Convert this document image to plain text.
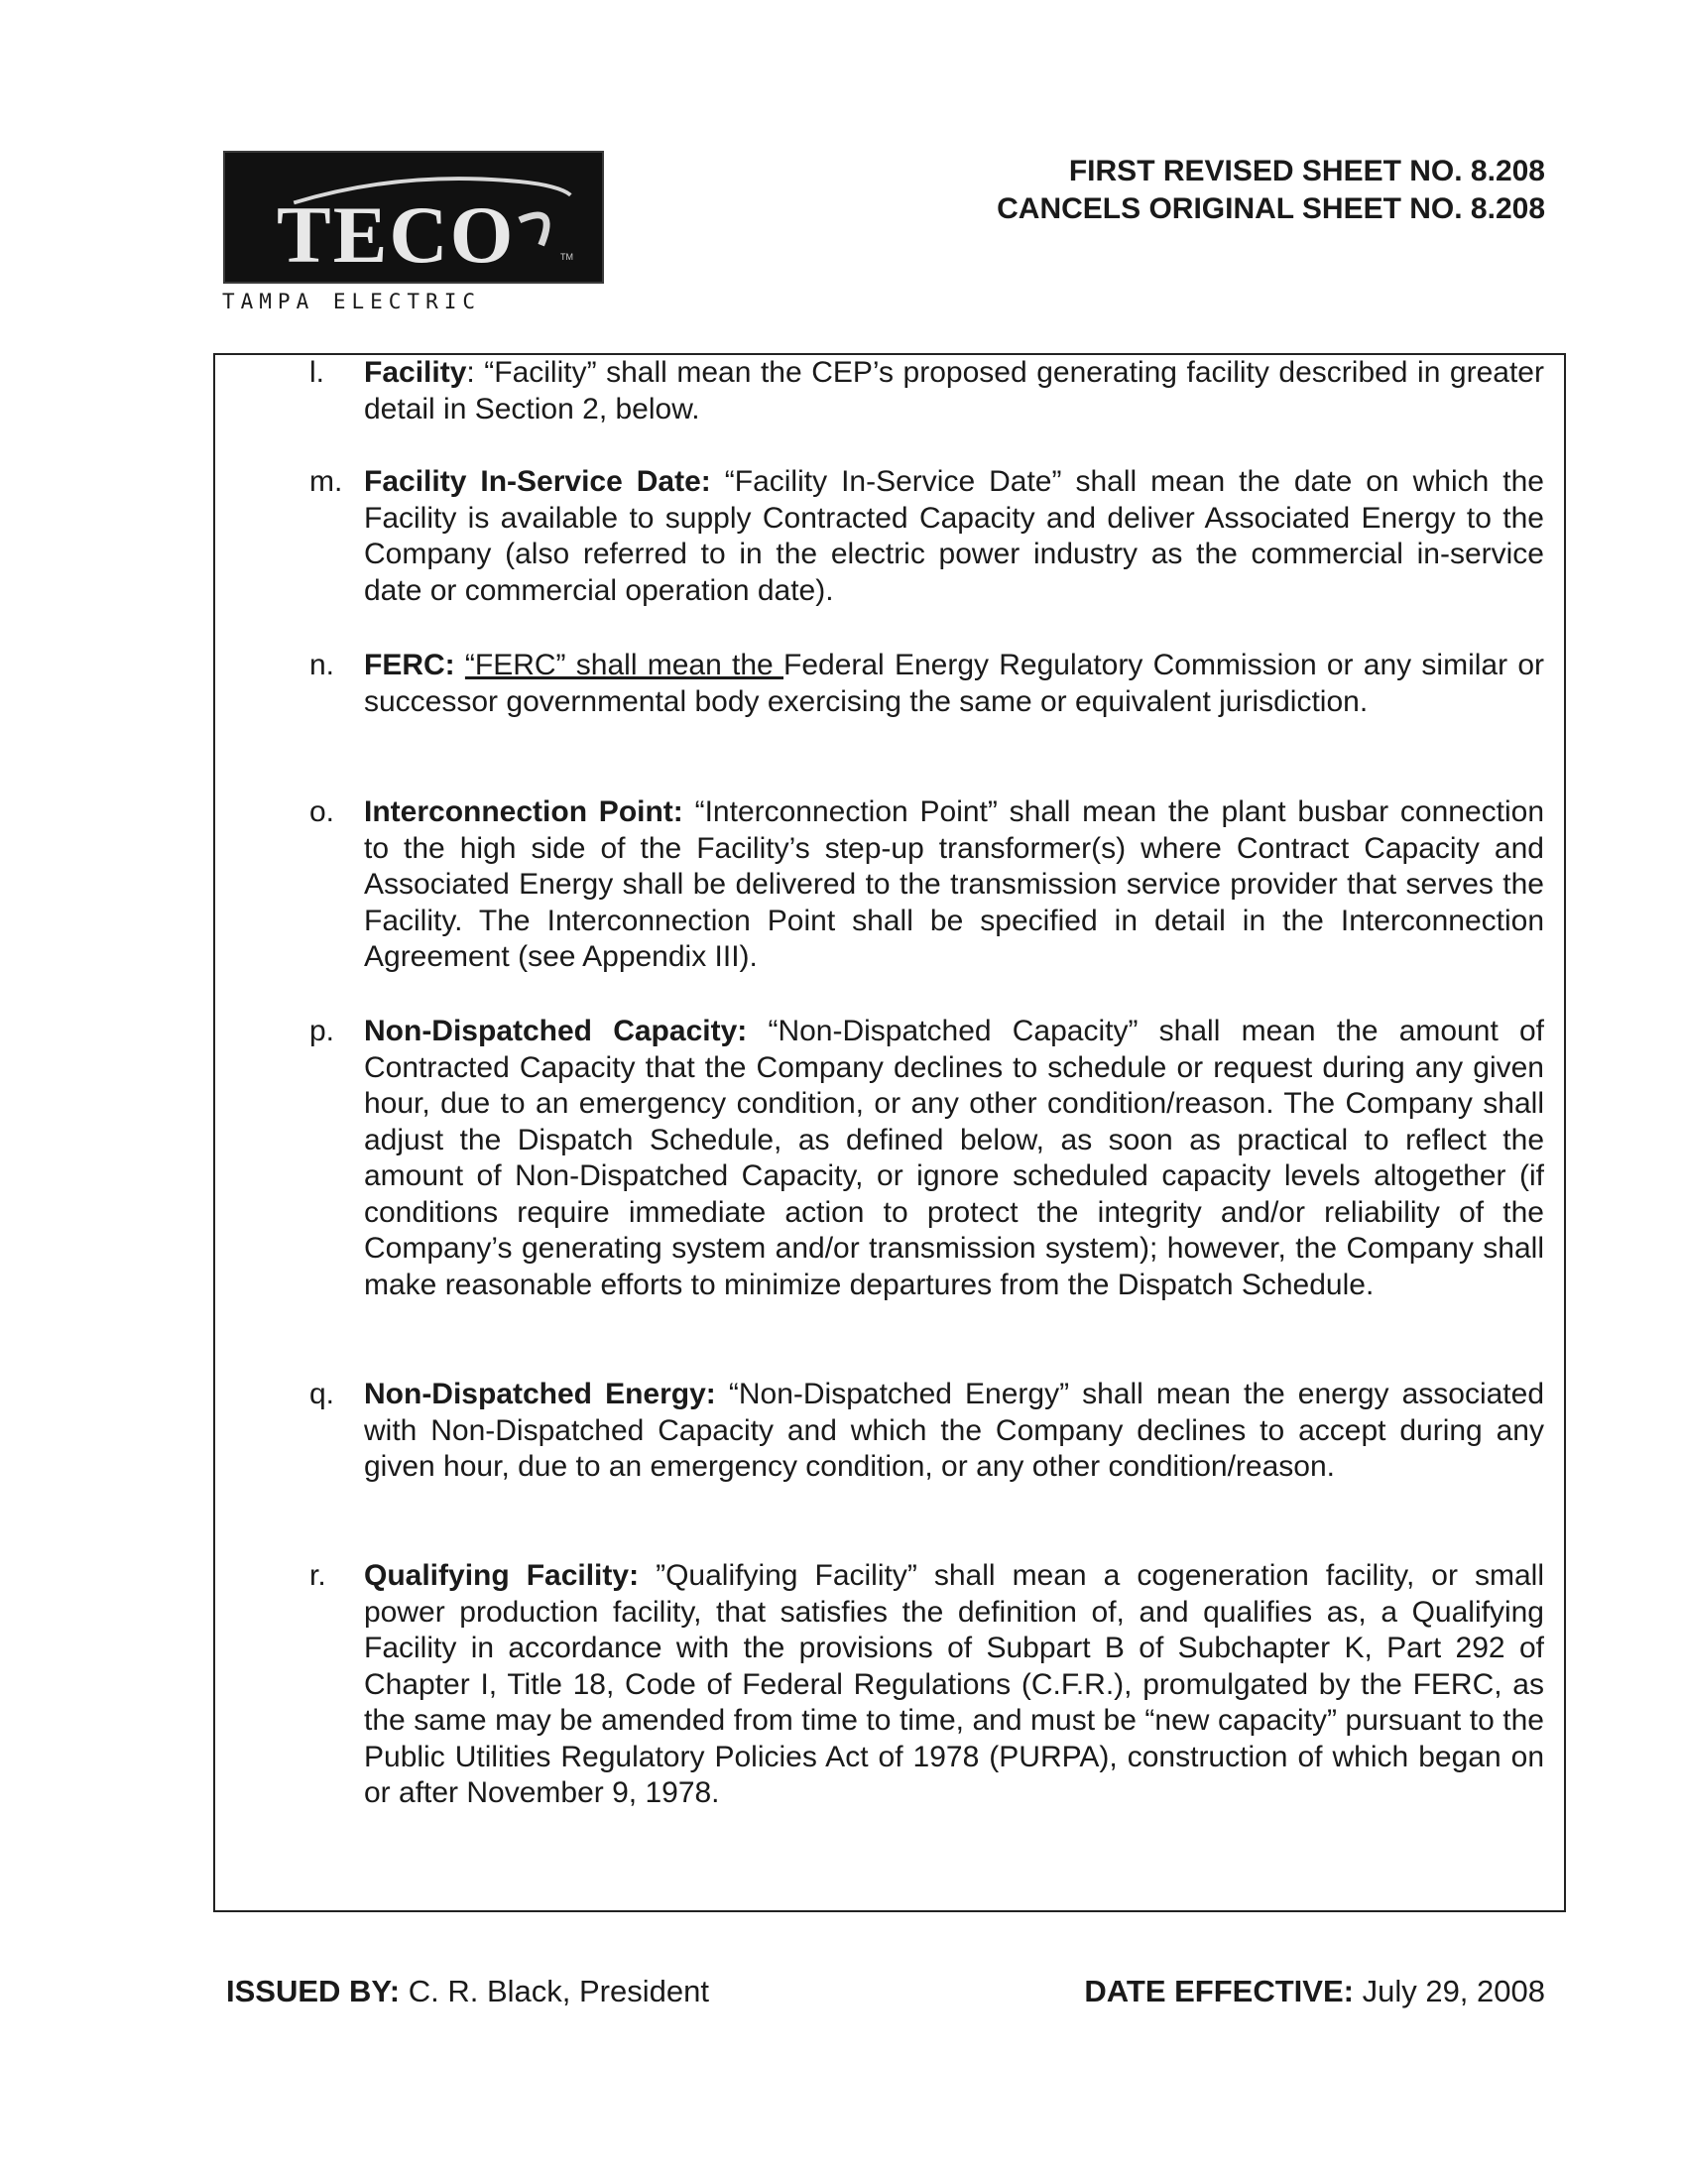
TECO	TM
TAMPA ELECTRIC
FIRST REVISED SHEET NO. 8.208
CANCELS ORIGINAL SHEET NO. 8.208
l.	Facility: “Facility” shall mean the CEP’s proposed generating facility described in greater detail in Section 2, below.

m. Facility In-Service Date: “Facility In-Service Date” shall mean the date on which the Facility is available to supply Contracted Capacity and deliver Associated Energy to the Company (also referred to in the electric power industry as the commercial in-service date or commercial operation date).

n. FERC: “FERC” shall mean the Federal Energy Regulatory Commission or any similar or successor governmental body exercising the same or equivalent jurisdiction.

o. Interconnection Point: “Interconnection Point” shall mean the plant busbar connection to the high side of the Facility’s step-up transformer(s) where Contract Capacity and Associated Energy shall be delivered to the transmission service provider that serves the Facility. The Interconnection Point shall be specified in detail in the Interconnection Agreement (see Appendix III).

p. Non-Dispatched Capacity: “Non-Dispatched Capacity” shall mean the amount of Contracted Capacity that the Company declines to schedule or request during any given hour, due to an emergency condition, or any other condition/reason. The Company shall adjust the Dispatch Schedule, as defined below, as soon as practical to reflect the amount of Non-Dispatched Capacity, or ignore scheduled capacity levels altogether (if conditions require immediate action to protect the integrity and/or reliability of the Company’s generating system and/or transmission system); however, the Company shall make reasonable efforts to minimize departures from the Dispatch Schedule.

q. Non-Dispatched Energy: “Non-Dispatched Energy” shall mean the energy associated with Non-Dispatched Capacity and which the Company declines to accept during any given hour, due to an emergency condition, or any other condition/reason.

r.	Qualifying Facility: ”Qualifying Facility” shall mean a cogeneration facility, or small power production facility, that satisfies the definition of, and qualifies as, a Qualifying Facility in accordance with the provisions of Subpart B of Subchapter K, Part 292 of Chapter I, Title 18, Code of Federal Regulations (C.F.R.), promulgated by the FERC, as the same may be amended from time to time, and must be “new capacity” pursuant to the Public Utilities Regulatory Policies Act of 1978 (PURPA), construction of which began on or after November 9, 1978.

ISSUED BY: C. R. Black, President	DATE EFFECTIVE: July 29, 2008
